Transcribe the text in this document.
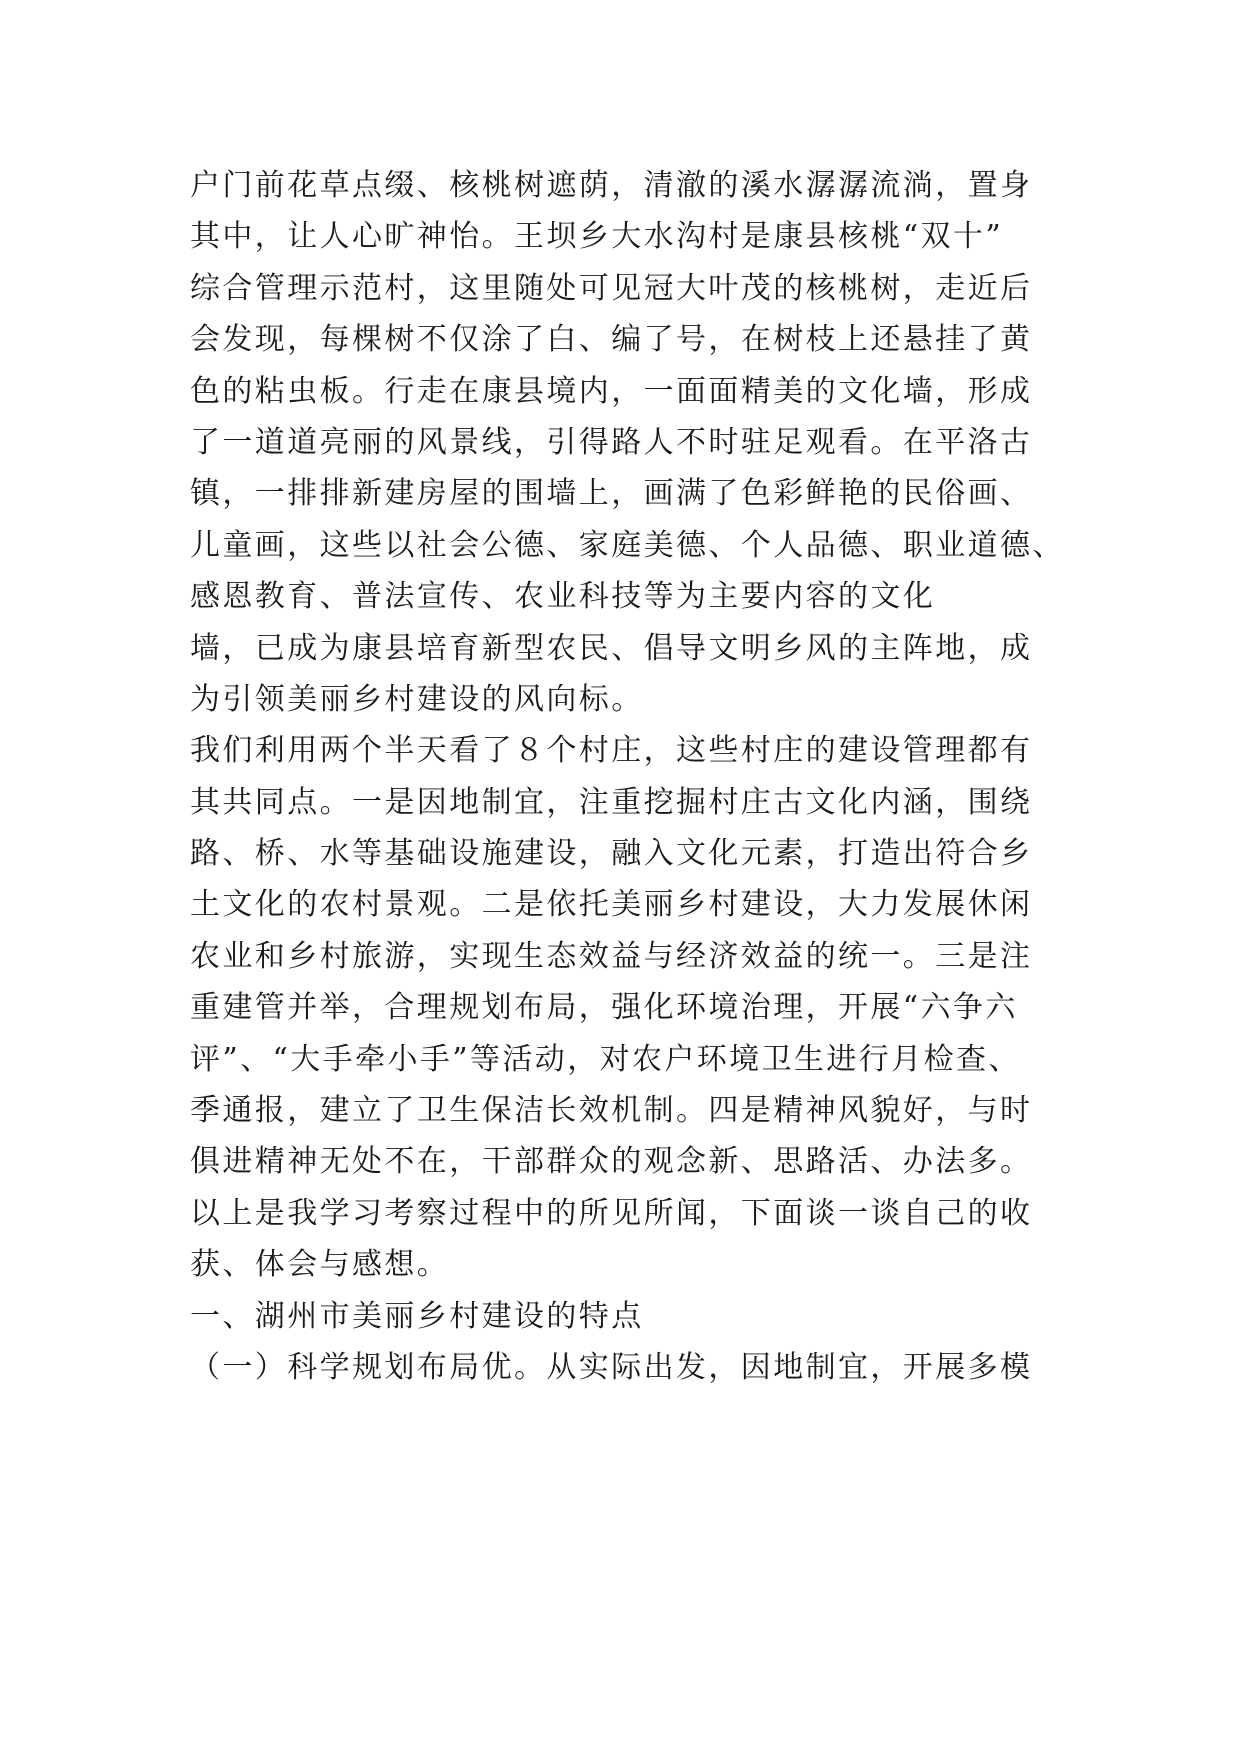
户门前花草点缀、核桃树遮荫，清澈的溪水潺潺流淌，置身
其中，让人心旷神怡。王坝乡大水沟村是康县核桃“双十”
综合管理示范村，这里随处可见冠大叶茂的核桃树，走近后
会发现，每棵树不仅涂了白、编了号，在树枝上还悬挂了黄
色的粘虫板。行走在康县境内，一面面精美的文化墙，形成
了一道道亮丽的风景线，引得路人不时驻足观看。在平洛古
镇，一排排新建房屋的围墙上，画满了色彩鲜艳的民俗画、
儿童画，这些以社会公德、家庭美德、个人品德、职业道德、
感恩教育、普法宣传、农业科技等为主要内容的文化
墙，已成为康县培育新型农民、倡导文明乡风的主阵地，成
为引领美丽乡村建设的风向标。
我们利用两个半天看了８个村庄，这些村庄的建设管理都有
其共同点。一是因地制宜，注重挖掘村庄古文化内涵，围绕
路、桥、水等基础设施建设，融入文化元素，打造出符合乡
土文化的农村景观。二是依托美丽乡村建设，大力发展休闲
农业和乡村旅游，实现生态效益与经济效益的统一。三是注
重建管并举，合理规划布局，强化环境治理，开展“六争六
评”、“大手牵小手”等活动，对农户环境卫生进行月检查、
季通报，建立了卫生保洁长效机制。四是精神风貌好，与时
俱进精神无处不在，干部群众的观念新、思路活、办法多。
以上是我学习考察过程中的所见所闻，下面谈一谈自己的收
获、体会与感想。
一、湖州市美丽乡村建设的特点
（一）科学规划布局优。从实际出发，因地制宜，开展多模
